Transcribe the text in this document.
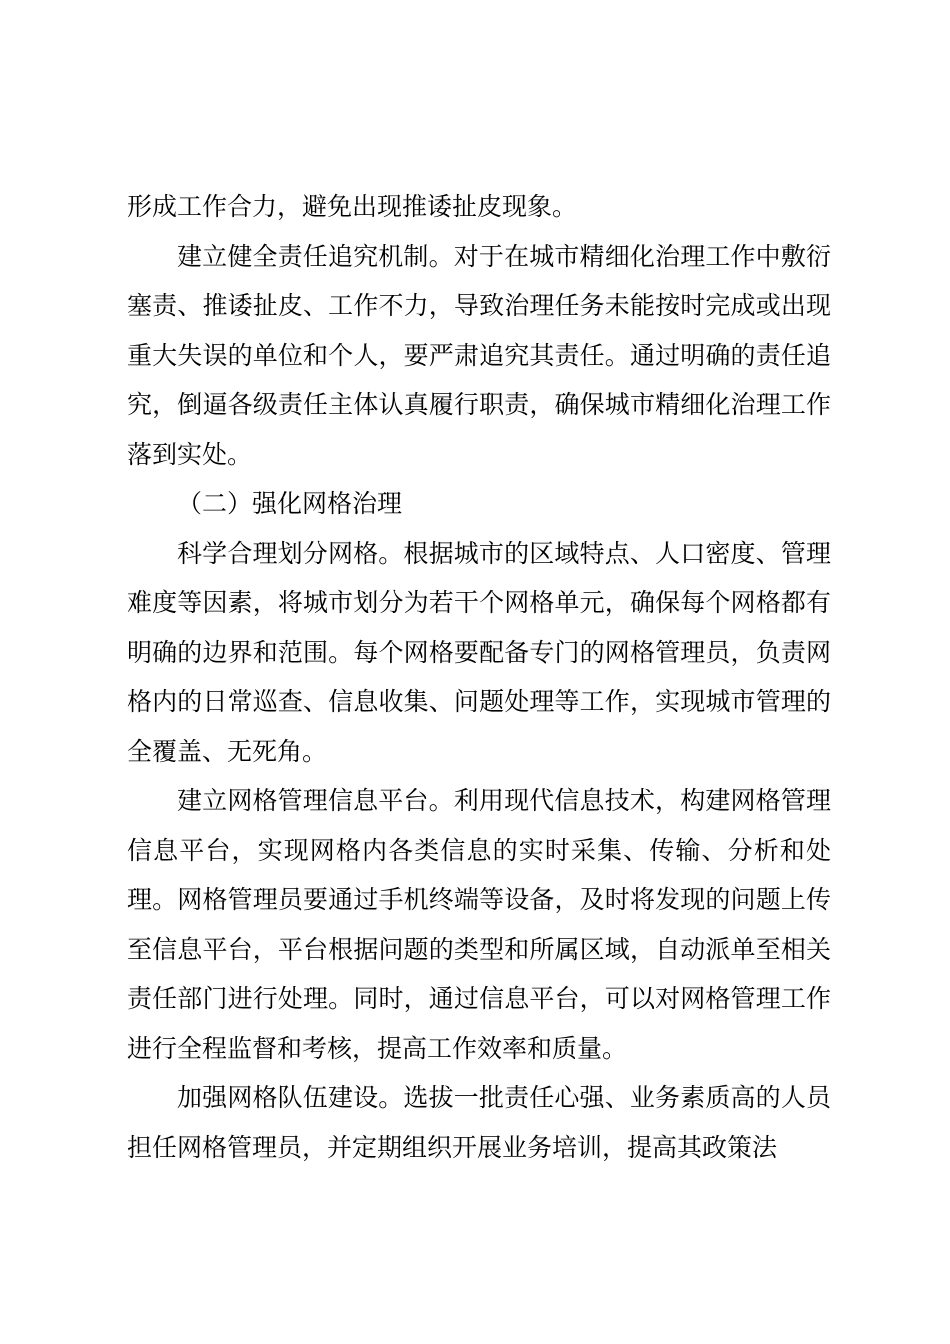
形成工作合力，避免出现推诿扯皮现象。

建立健全责任追究机制。对于在城市精细化治理工作中敷衍塞责、推诿扯皮、工作不力，导致治理任务未能按时完成或出现重大失误的单位和个人，要严肃追究其责任。通过明确的责任追究，倒逼各级责任主体认真履行职责，确保城市精细化治理工作落到实处。

（二）强化网格治理

科学合理划分网格。根据城市的区域特点、人口密度、管理难度等因素，将城市划分为若干个网格单元，确保每个网格都有明确的边界和范围。每个网格要配备专门的网格管理员，负责网格内的日常巡查、信息收集、问题处理等工作，实现城市管理的全覆盖、无死角。

建立网格管理信息平台。利用现代信息技术，构建网格管理信息平台，实现网格内各类信息的实时采集、传输、分析和处理。网格管理员要通过手机终端等设备，及时将发现的问题上传至信息平台，平台根据问题的类型和所属区域，自动派单至相关责任部门进行处理。同时，通过信息平台，可以对网格管理工作进行全程监督和考核，提高工作效率和质量。

加强网格队伍建设。选拔一批责任心强、业务素质高的人员担任网格管理员，并定期组织开展业务培训，提高其政策法
